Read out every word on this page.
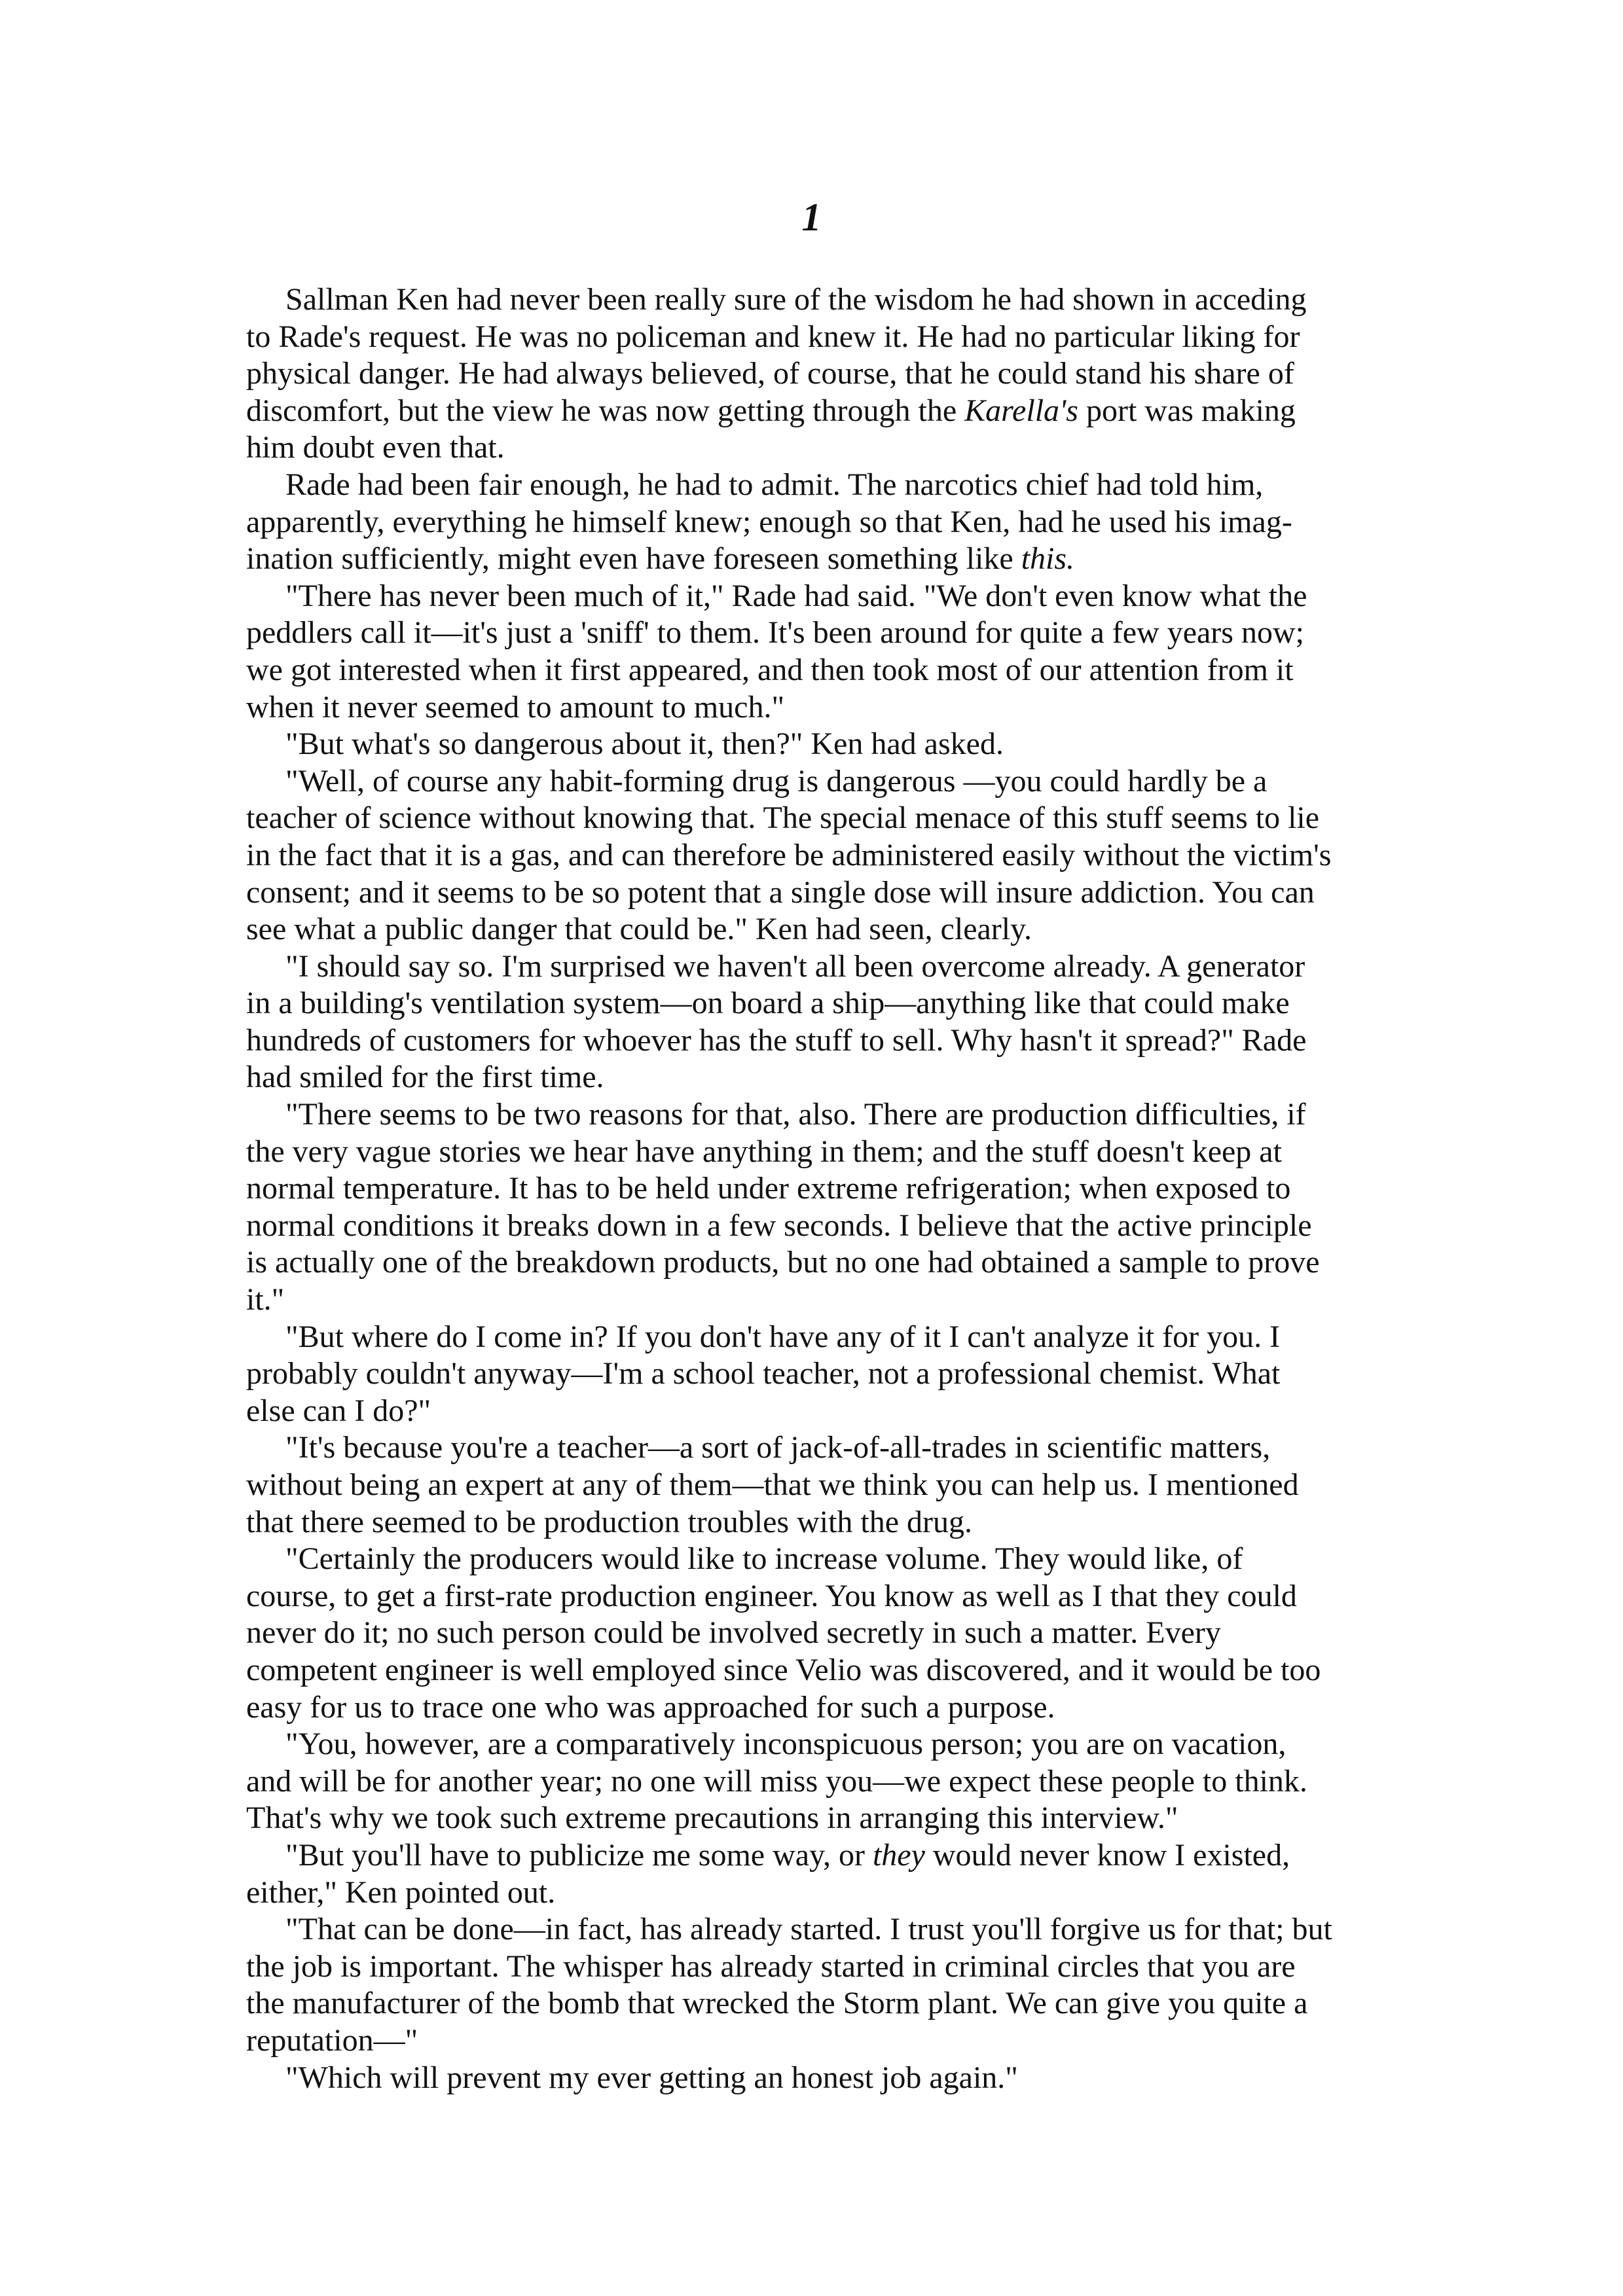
1

Sallman Ken had never been really sure of the wisdom he had shown in acceding
to Rade's request. He was no policeman and knew it. He had no particular liking for
physical danger. He had always believed, of course, that he could stand his share of
discomfort, but the view he was now getting through the Karella's port was making
him doubt even that.

Rade had been fair enough, he had to admit. The narcotics chief had told him,
apparently, everything he himself knew; enough so that Ken, had he used his imag-
ination sufficiently, might even have foreseen something like this.

"There has never been much of it," Rade had said. "We don't even know what the
peddlers call it—it's just a 'sniff' to them. It's been around for quite a few years now;
we got interested when it first appeared, and then took most of our attention from it
when it never seemed to amount to much."

"But what's so dangerous about it, then?" Ken had asked.

"Well, of course any habit-forming drug is dangerous —you could hardly be a
teacher of science without knowing that. The special menace of this stuff seems to lie
in the fact that it is a gas, and can therefore be administered easily without the victim's
consent; and it seems to be so potent that a single dose will insure addiction. You can
see what a public danger that could be." Ken had seen, clearly.

"I should say so. I'm surprised we haven't all been overcome already. A generator
in a building's ventilation system—on board a ship—anything like that could make
hundreds of customers for whoever has the stuff to sell. Why hasn't it spread?" Rade
had smiled for the first time.

"There seems to be two reasons for that, also. There are production difficulties, if
the very vague stories we hear have anything in them; and the stuff doesn't keep at
normal temperature. It has to be held under extreme refrigeration; when exposed to
normal conditions it breaks down in a few seconds. I believe that the active principle
is actually one of the breakdown products, but no one had obtained a sample to prove
it."

"But where do I come in? If you don't have any of it I can't analyze it for you. I
probably couldn't anyway—I'm a school teacher, not a professional chemist. What
else can I do?"

"It's because you're a teacher—a sort of jack-of-all-trades in scientific matters,
without being an expert at any of them—that we think you can help us. I mentioned
that there seemed to be production troubles with the drug.

"Certainly the producers would like to increase volume. They would like, of
course, to get a first-rate production engineer. You know as well as I that they could
never do it; no such person could be involved secretly in such a matter. Every
competent engineer is well employed since Velio was discovered, and it would be too
easy for us to trace one who was approached for such a purpose.

"You, however, are a comparatively inconspicuous person; you are on vacation,
and will be for another year; no one will miss you—we expect these people to think.
That's why we took such extreme precautions in arranging this interview."

"But you'll have to publicize me some way, or they would never know I existed,
either," Ken pointed out.

"That can be done—in fact, has already started. I trust you'll forgive us for that; but
the job is important. The whisper has already started in criminal circles that you are
the manufacturer of the bomb that wrecked the Storm plant. We can give you quite a
reputation—"

"Which will prevent my ever getting an honest job again."
